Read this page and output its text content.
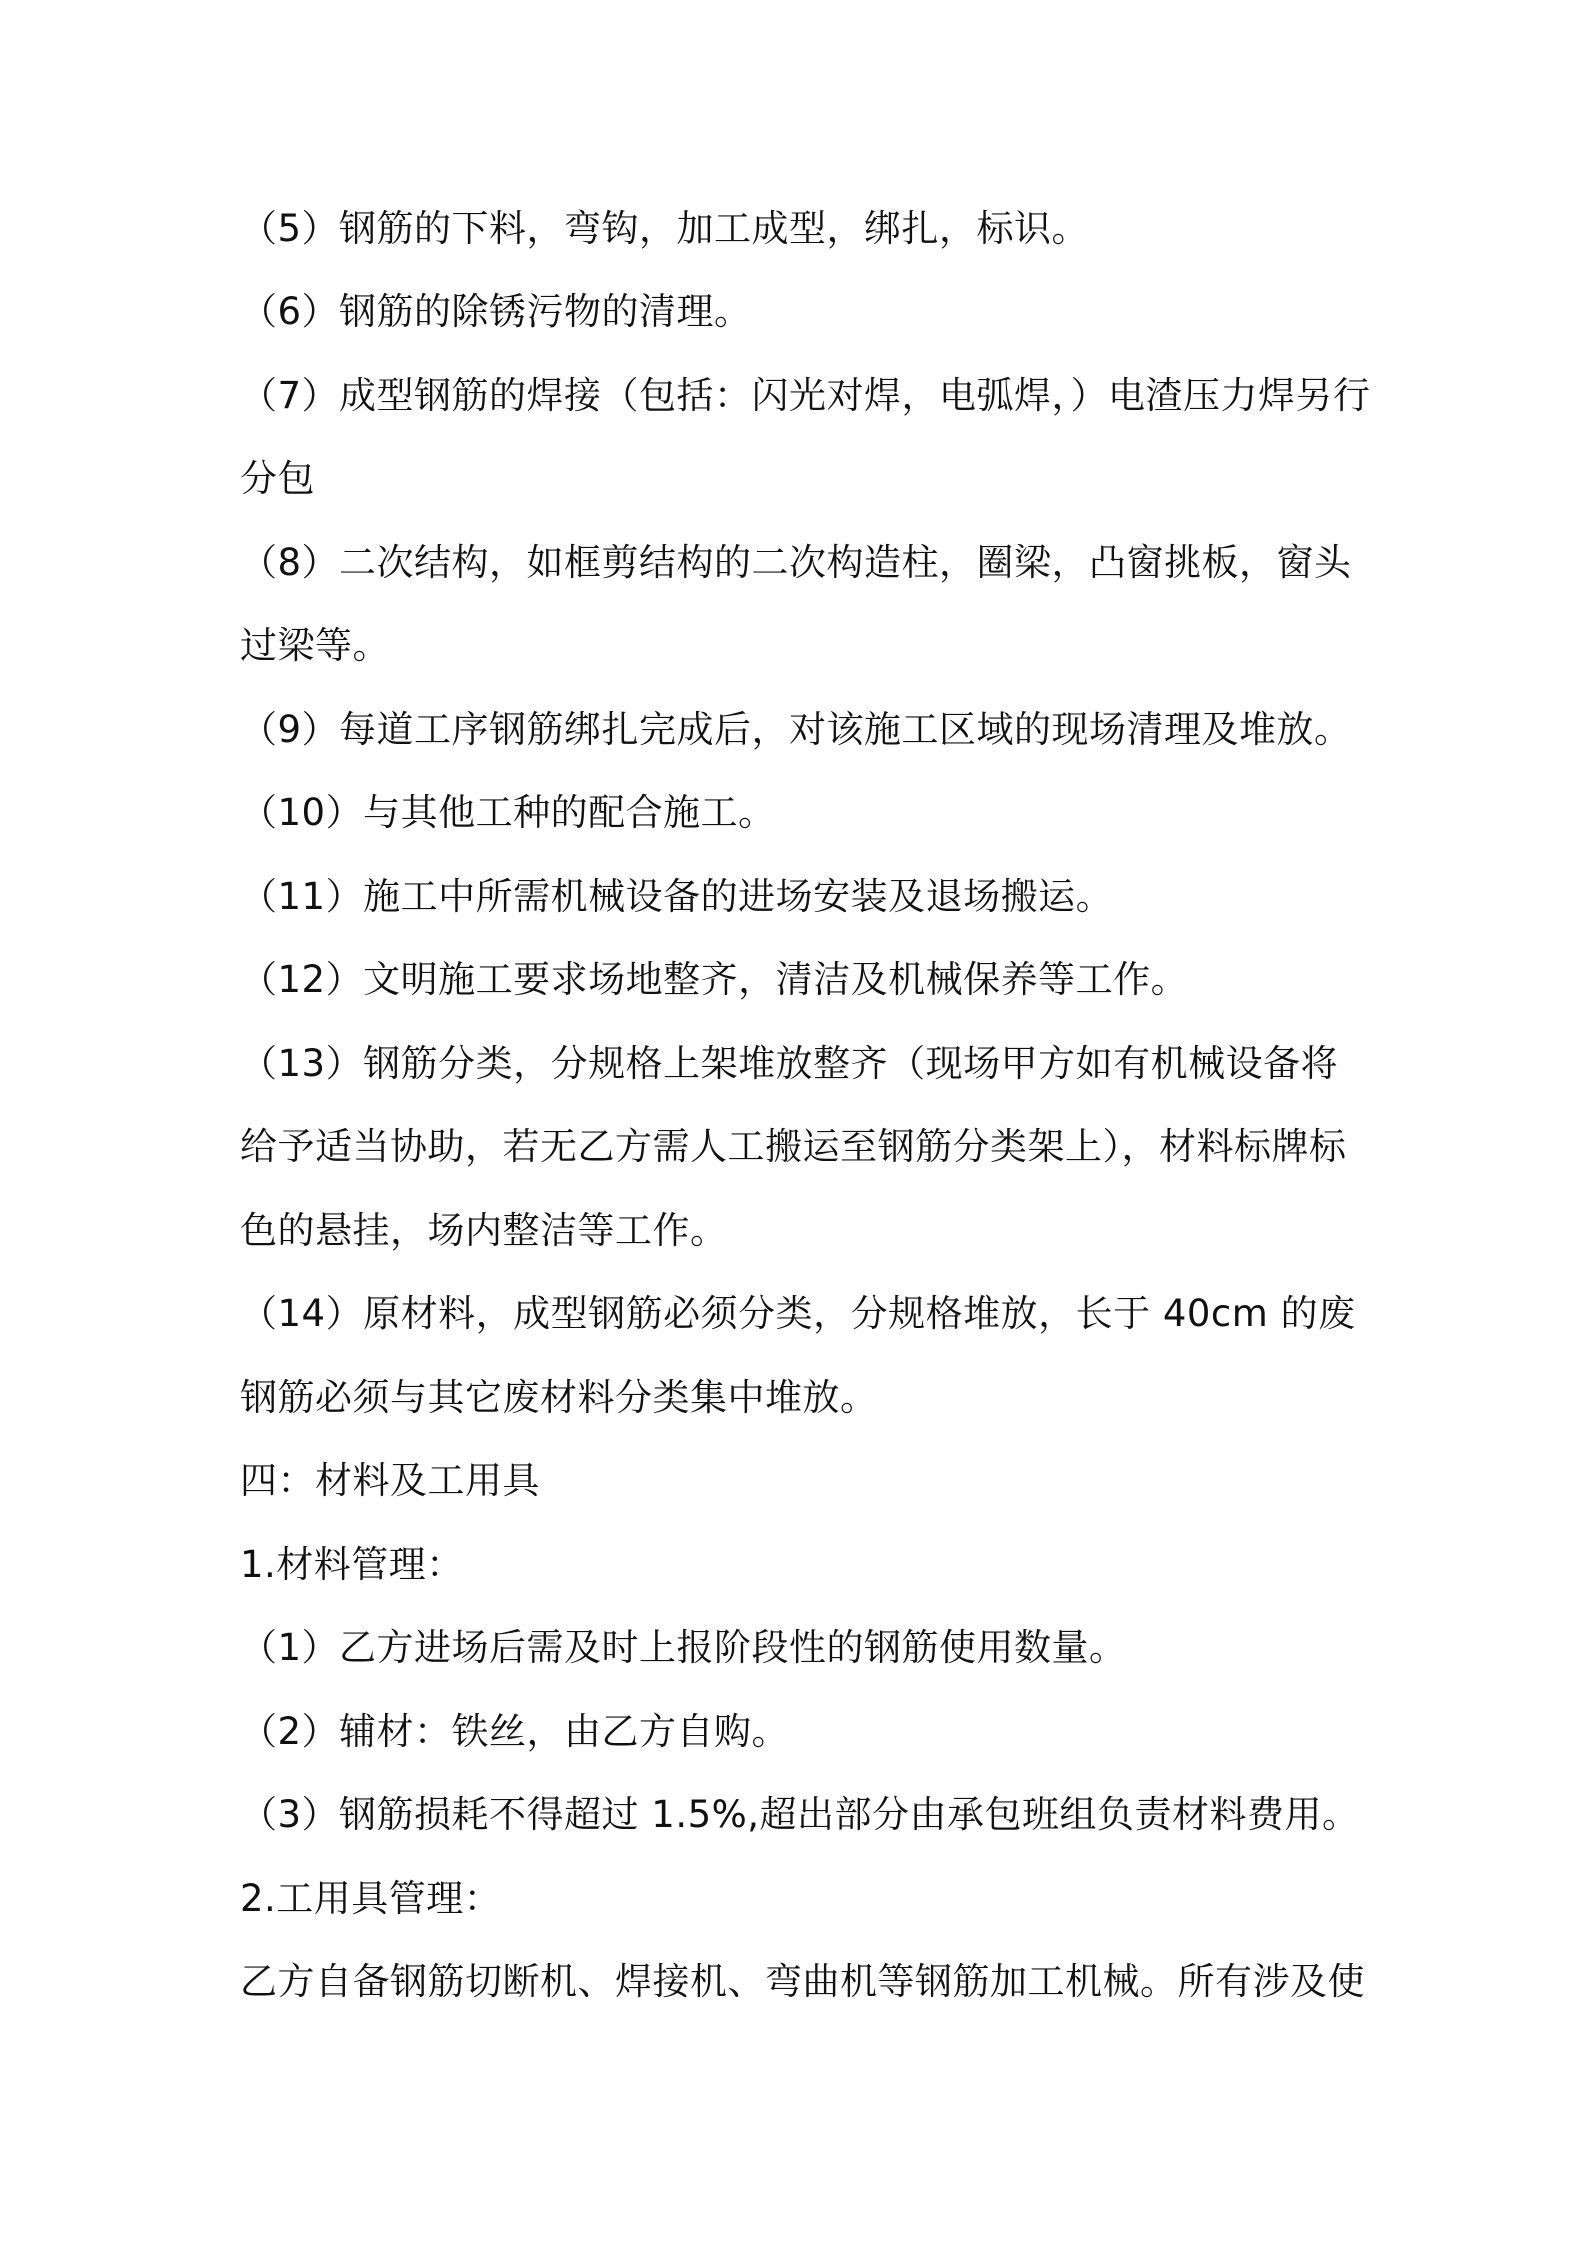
（5）钢筋的下料，弯钩，加工成型，绑扎，标识。
（6）钢筋的除锈污物的清理。
（7）成型钢筋的焊接（包括：闪光对焊，电弧焊，）电渣压力焊另行
分包
（8）二次结构，如框剪结构的二次构造柱，圈梁，凸窗挑板，窗头
过梁等。
（9）每道工序钢筋绑扎完成后，对该施工区域的现场清理及堆放。
（10）与其他工种的配合施工。
（11）施工中所需机械设备的进场安装及退场搬运。
（12）文明施工要求场地整齐，清洁及机械保养等工作。
（13）钢筋分类，分规格上架堆放整齐（现场甲方如有机械设备将
给予适当协助，若无乙方需人工搬运至钢筋分类架上），材料标牌标
色的悬挂，场内整洁等工作。
（14）原材料，成型钢筋必须分类，分规格堆放，长于 40cm 的废
钢筋必须与其它废材料分类集中堆放。
四：材料及工用具
1.材料管理：
（1）乙方进场后需及时上报阶段性的钢筋使用数量。
（2）辅材：铁丝，由乙方自购。
（3）钢筋损耗不得超过 1.5%,超出部分由承包班组负责材料费用。
2.工用具管理：
乙方自备钢筋切断机、焊接机、弯曲机等钢筋加工机械。所有涉及使
